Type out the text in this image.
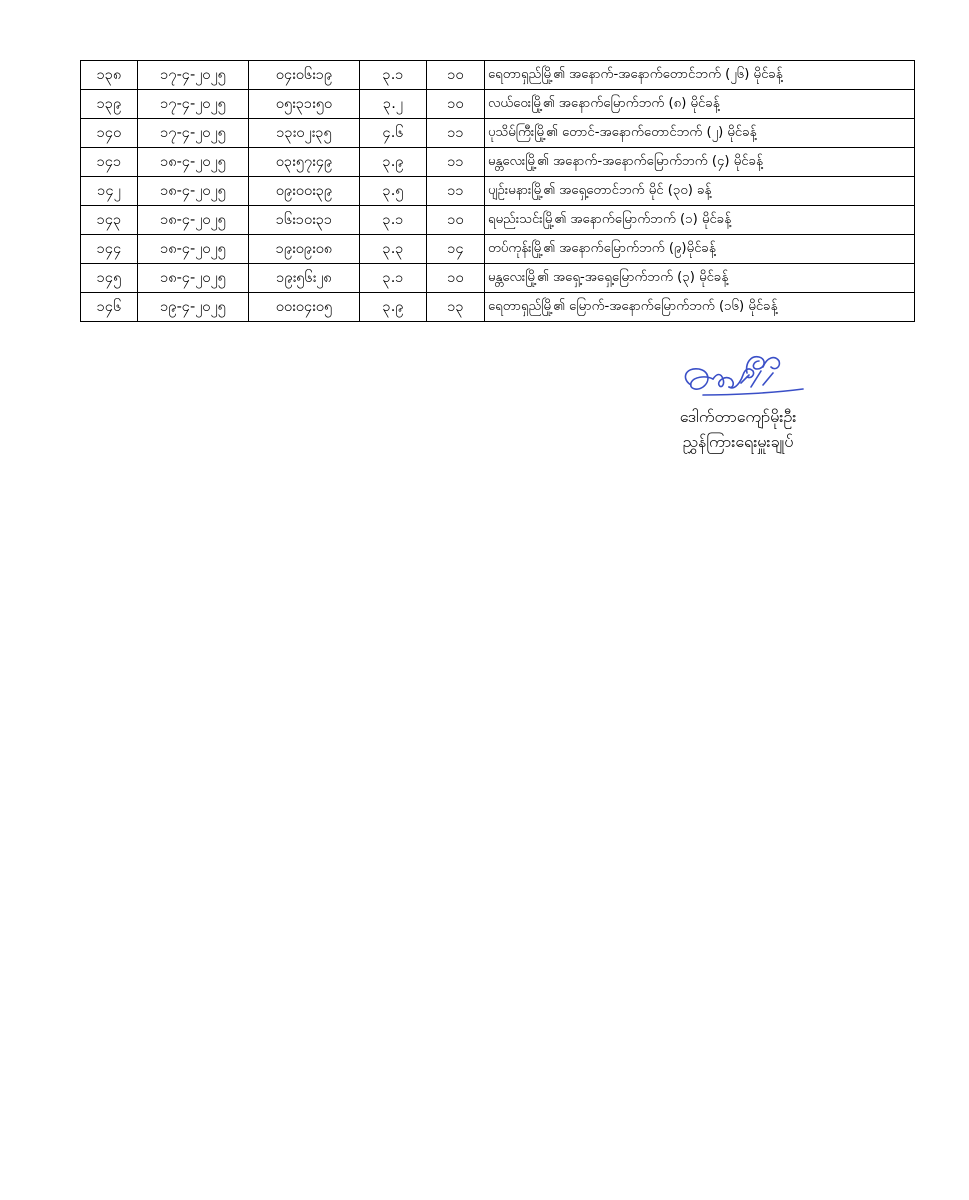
၁၃၈	၁၇-၄-၂၀၂၅	၀၄း၀၆း၁၉	၃.၁	၁၀	ရေတာရှည်မြို့၏ အနောက်-အနောက်တောင်ဘက် (၂၆) မိုင်ခန့်
၁၃၉	၁၇-၄-၂၀၂၅	၀၅း၃၁း၅၀	၃.၂	၁၀	လယ်ဝေးမြို့၏ အနောက်မြောက်ဘက် (၈) မိုင်ခန့်
၁၄၀	၁၇-၄-၂၀၂၅	၁၃း၀၂း၃၅	၄.၆	၁၁	ပုသိမ်ကြီးမြို့၏ တောင်-အနောက်တောင်ဘက် (၂) မိုင်ခန့်
၁၄၁	၁၈-၄-၂၀၂၅	၀၃း၅၇း၄၉	၃.၉	၁၁	မန္တလေးမြို့၏ အနောက်-အနောက်မြောက်ဘက် (၄) မိုင်ခန့်
၁၄၂	၁၈-၄-၂၀၂၅	၀၉း၀၀း၃၉	၃.၅	၁၁	ပျဉ်းမနားမြို့၏ အရှေ့တောင်ဘက် မိုင် (၃၀) ခန့်
၁၄၃	၁၈-၄-၂၀၂၅	၁၆း၁၀း၃၁	၃.၁	၁၀	ရမည်းသင်းမြို့၏ အနောက်မြောက်ဘက် (၁) မိုင်ခန့်
၁၄၄	၁၈-၄-၂၀၂၅	၁၉း၀၉း၀၈	၃.၃	၁၄	တပ်ကုန်းမြို့၏ အနောက်မြောက်ဘက် (၉)မိုင်ခန့်
၁၄၅	၁၈-၄-၂၀၂၅	၁၉း၅၆း၂၈	၃.၁	၁၀	မန္တလေးမြို့၏ အရှေ့-အရှေ့မြောက်ဘက် (၃) မိုင်ခန့်
၁၄၆	၁၉-၄-၂၀၂၅	၀၀း၀၄း၀၅	၃.၉	၁၃	ရေတာရှည်မြို့၏ မြောက်-အနောက်မြောက်ဘက် (၁၆) မိုင်ခန့်
ဒေါက်တာကျော်မိုးဦး
ညွှန်ကြားရေးမှူးချုပ်
